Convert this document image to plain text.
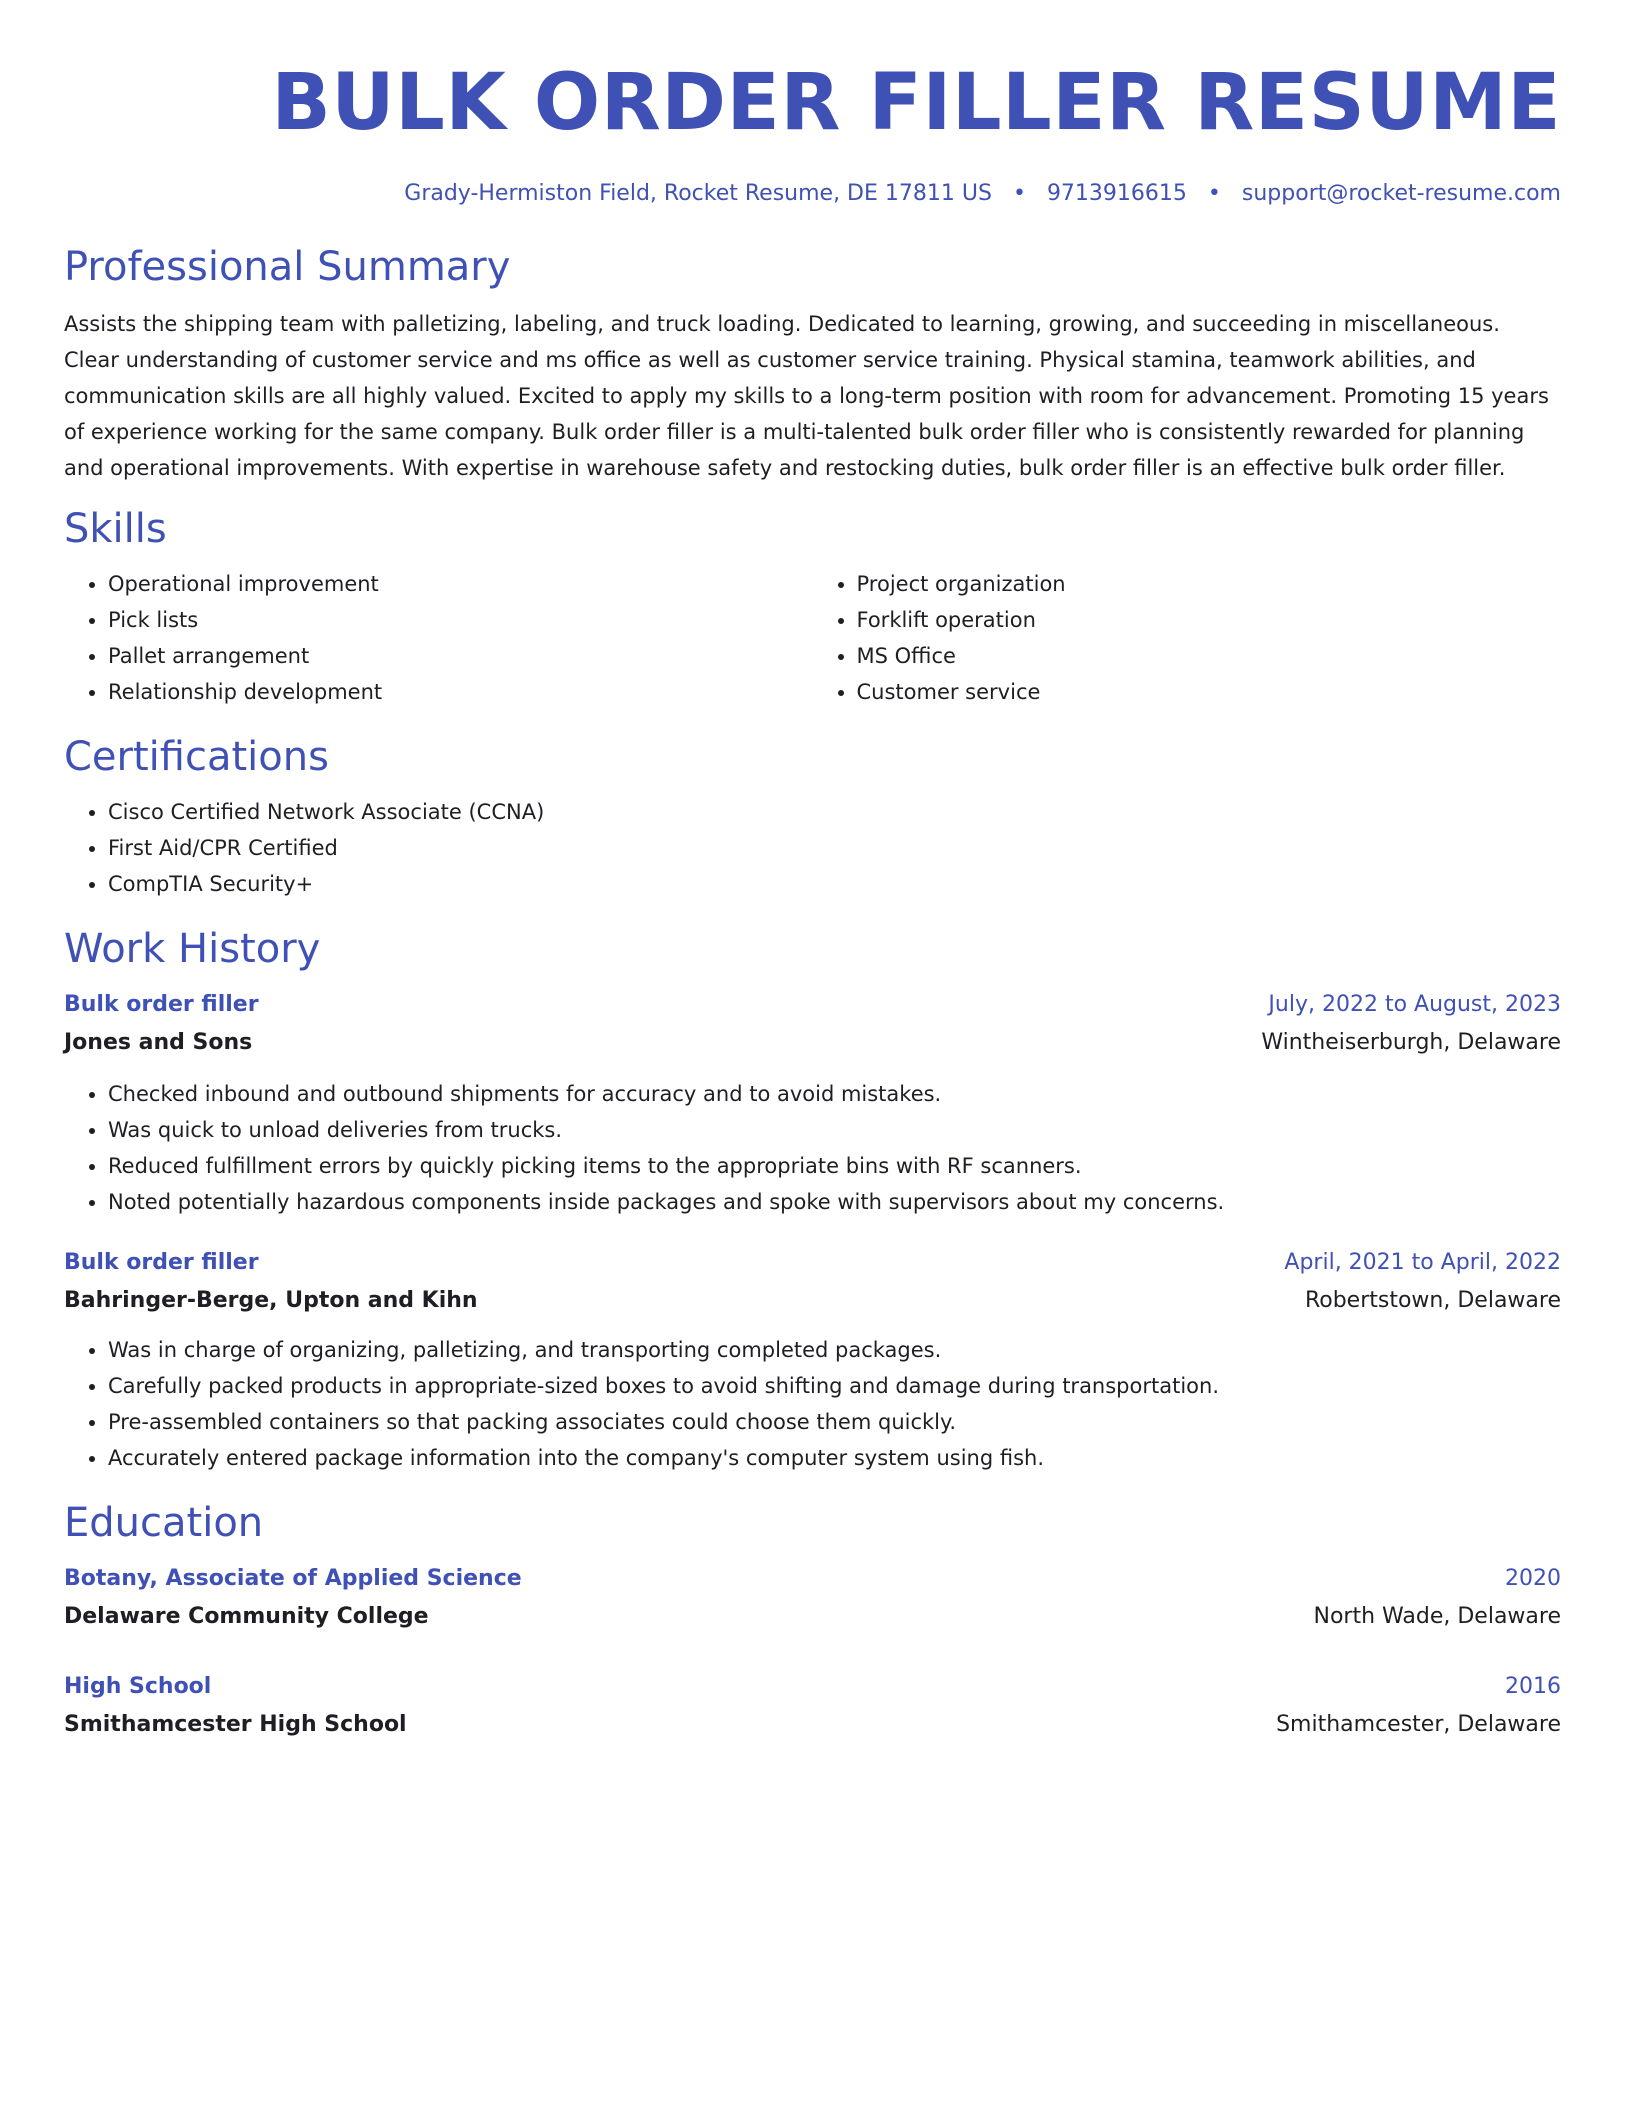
BULK ORDER FILLER RESUME
Grady-Hermiston Field, Rocket Resume, DE 17811 US • 9713916615 • support@rocket-resume.com
Professional Summary

Assists the shipping team with palletizing, labeling, and truck loading. Dedicated to learning, growing, and succeeding in miscellaneous. Clear understanding of customer service and ms office as well as customer service training. Physical stamina, teamwork abilities, and communication skills are all highly valued. Excited to apply my skills to a long-term position with room for advancement. Promoting 15 years of experience working for the same company. Bulk order filler is a multi-talented bulk order filler who is consistently rewarded for planning and operational improvements. With expertise in warehouse safety and restocking duties, bulk order filler is an effective bulk order filler.

Skills
• Operational improvement
• Pick lists
• Pallet arrangement
• Relationship development
• Project organization
• Forklift operation
• MS Office
• Customer service
Certifications
• Cisco Certified Network Associate (CCNA)
• First Aid/CPR Certified
• CompTIA Security+
Work History
Bulk order filler	July, 2022 to August, 2023
Jones and Sons	Wintheiserburgh, Delaware
• Checked inbound and outbound shipments for accuracy and to avoid mistakes.
• Was quick to unload deliveries from trucks.
• Reduced fulfillment errors by quickly picking items to the appropriate bins with RF scanners.
• Noted potentially hazardous components inside packages and spoke with supervisors about my concerns.
Bulk order filler	April, 2021 to April, 2022
Bahringer-Berge, Upton and Kihn	Robertstown, Delaware
• Was in charge of organizing, palletizing, and transporting completed packages.
• Carefully packed products in appropriate-sized boxes to avoid shifting and damage during transportation.
• Pre-assembled containers so that packing associates could choose them quickly.
• Accurately entered package information into the company's computer system using fish.
Education
Botany, Associate of Applied Science	2020
Delaware Community College	North Wade, Delaware
High School	2016
Smithamcester High School	Smithamcester, Delaware
